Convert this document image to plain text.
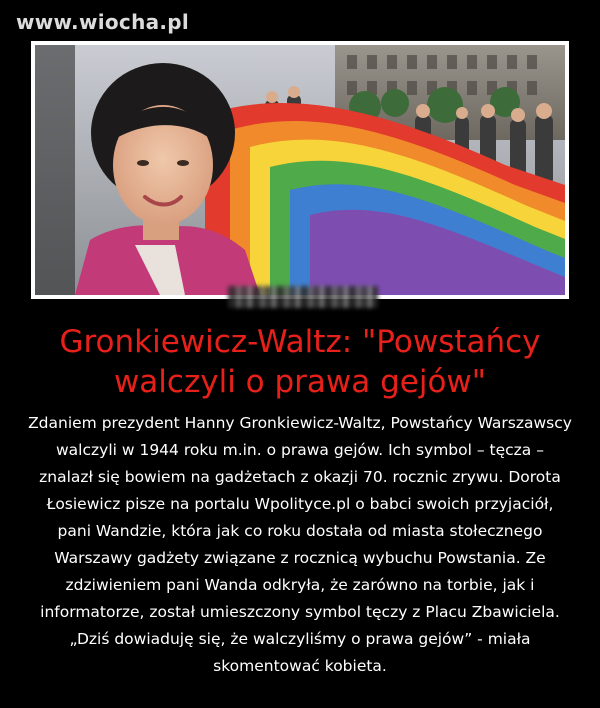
www.wiocha.pl
Gronkiewicz-Waltz: "Powstańcy walczyli o prawa gejów"

Zdaniem prezydent Hanny Gronkiewicz-Waltz, Powstańcy Warszawscy walczyli w 1944 roku m.in. o prawa gejów. Ich symbol – tęcza – znalazł się bowiem na gadżetach z okazji 70. rocznic zrywu. Dorota Łosiewicz pisze na portalu Wpolityce.pl o babci swoich przyjaciół, pani Wandzie, która jak co roku dostała od miasta stołecznego Warszawy gadżety związane z rocznicą wybuchu Powstania. Ze zdziwieniem pani Wanda odkryła, że zarówno na torbie, jak i informatorze, został umieszczony symbol tęczy z Placu Zbawiciela. „Dziś dowiaduję się, że walczyliśmy o prawa gejów” - miała skomentować kobieta.
